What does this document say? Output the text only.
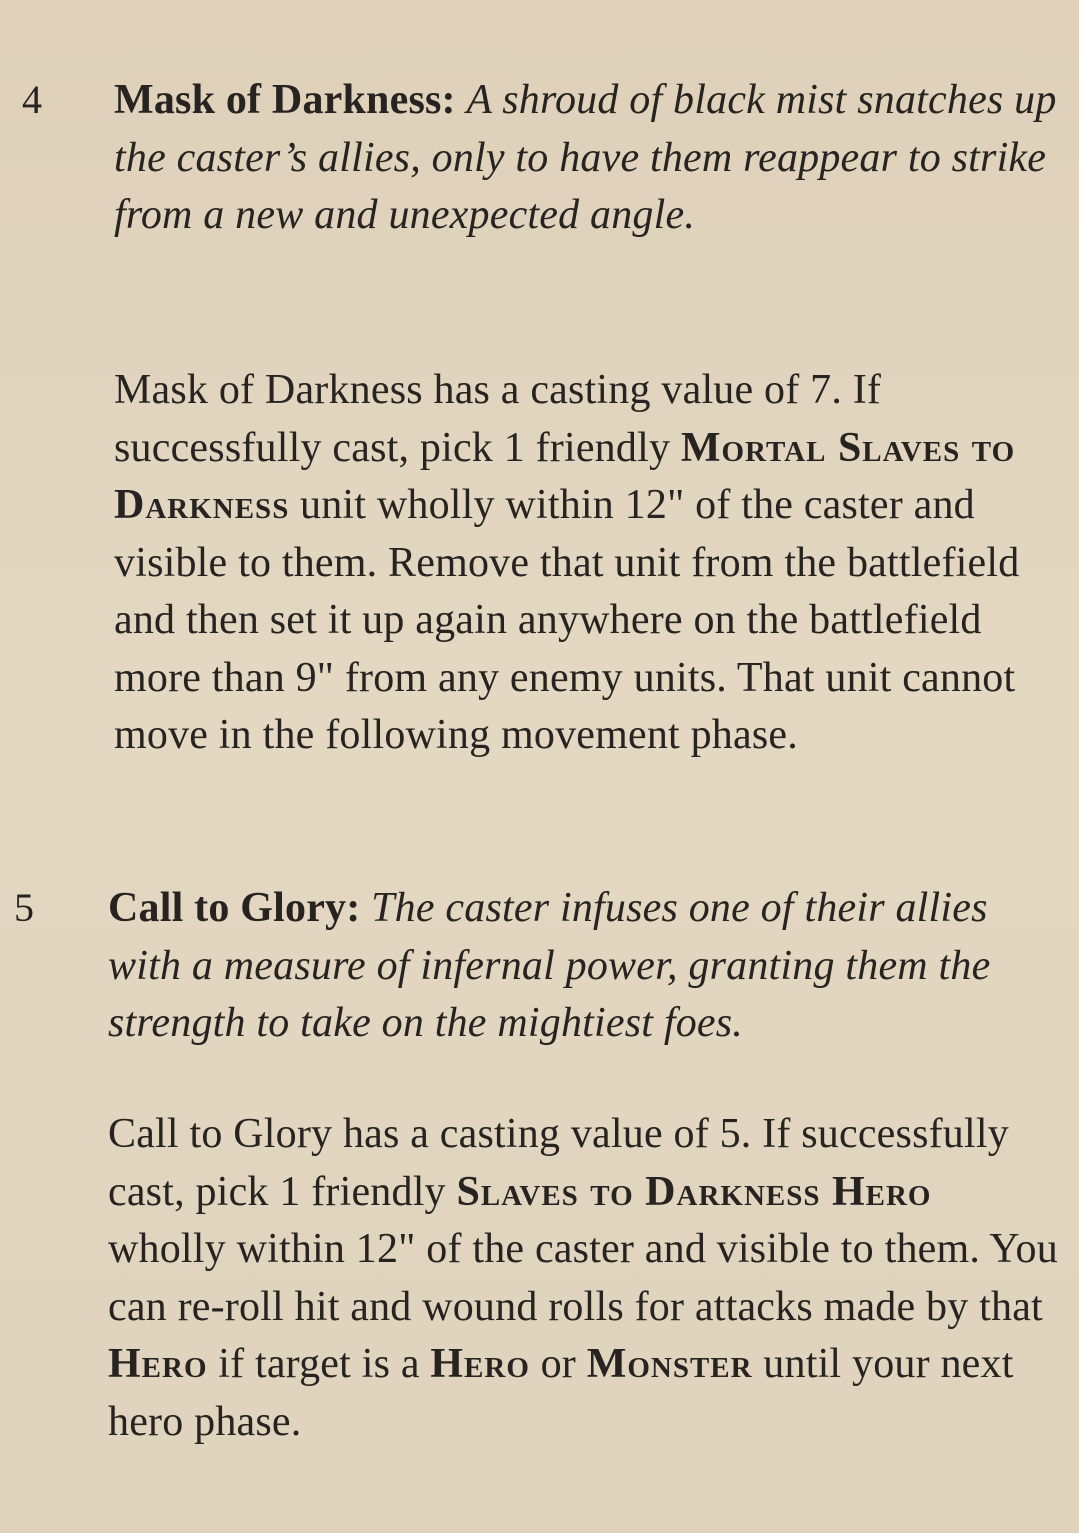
4 Mask of Darkness: A shroud of black mist snatches up the caster’s allies, only to have them reappear to strike from a new and unexpected angle.

Mask of Darkness has a casting value of 7. If successfully cast, pick 1 friendly Mortal Slaves to Darkness unit wholly within 12" of the caster and visible to them. Remove that unit from the battlefield and then set it up again anywhere on the battlefield more than 9" from any enemy units. That unit cannot move in the following movement phase.

5 Call to Glory: The caster infuses one of their allies with a measure of infernal power, granting them the strength to take on the mightiest foes.

Call to Glory has a casting value of 5. If successfully cast, pick 1 friendly Slaves to Darkness Hero wholly within 12" of the caster and visible to them. You can re-roll hit and wound rolls for attacks made by that Hero if target is a Hero or Monster until your next hero phase.
